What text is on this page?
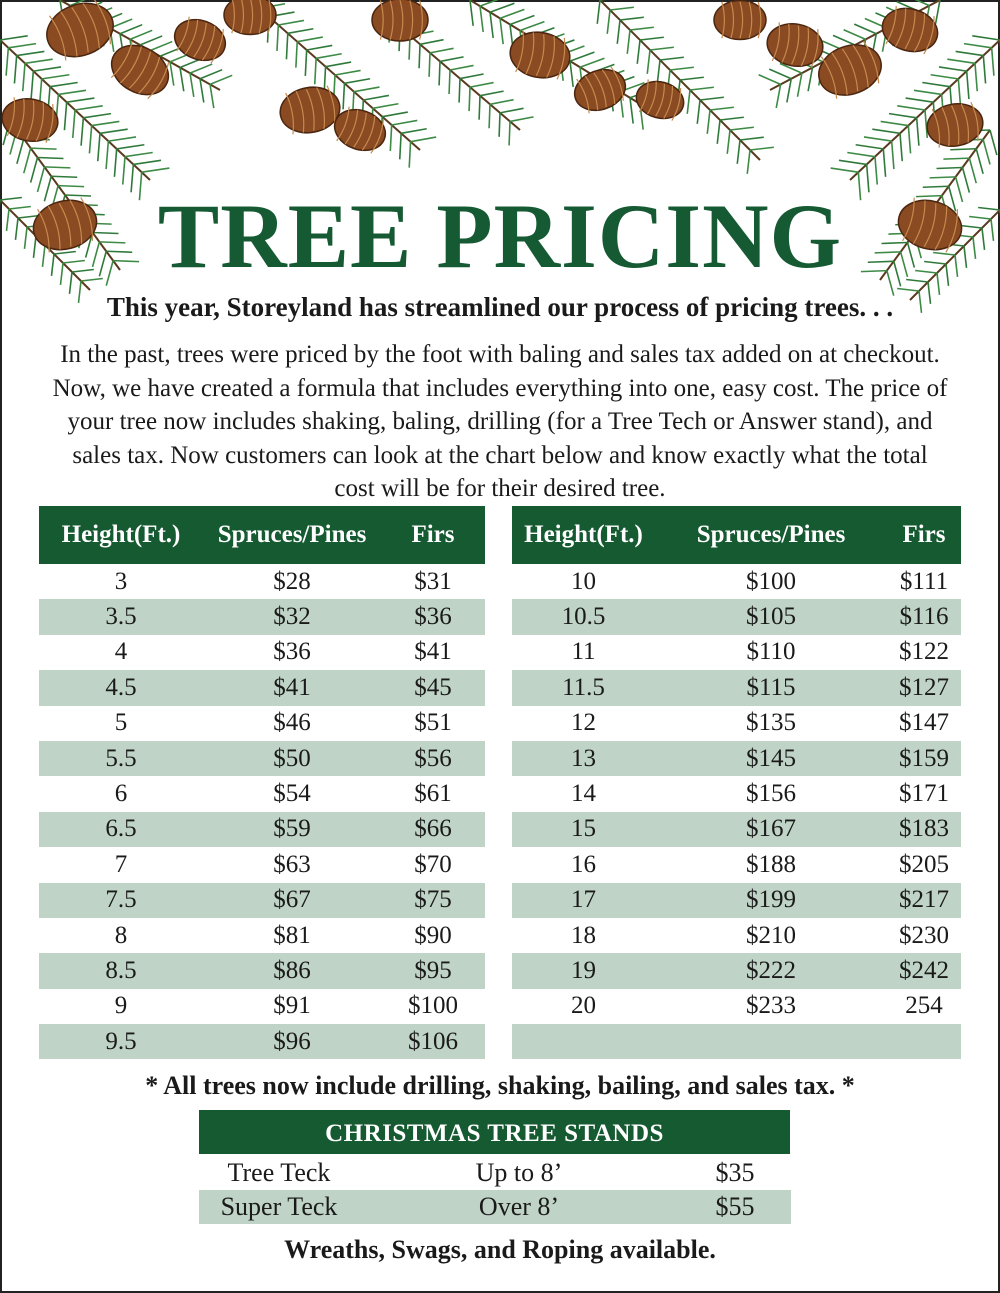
TREE PRICING
This year, Storeyland has streamlined our process of pricing trees. . .
In the past, trees were priced by the foot with baling and sales tax added on at checkout. Now, we have created a formula that includes everything into one, easy cost. The price of your tree now includes shaking, baling, drilling (for a Tree Tech or Answer stand), and sales tax. Now customers can look at the chart below and know exactly what the total cost will be for their desired tree.
Height(Ft.)	Spruces/Pines	Firs
3	$28	$31
3.5	$32	$36
4	$36	$41
4.5	$41	$45
5	$46	$51
5.5	$50	$56
6	$54	$61
6.5	$59	$66
7	$63	$70
7.5	$67	$75
8	$81	$90
8.5	$86	$95
9	$91	$100
9.5	$96	$106
Height(Ft.)	Spruces/Pines	Firs
10	$100	$111
10.5	$105	$116
11	$110	$122
11.5	$115	$127
12	$135	$147
13	$145	$159
14	$156	$171
15	$167	$183
16	$188	$205
17	$199	$217
18	$210	$230
19	$222	$242
20	$233	254

* All trees now include drilling, shaking, bailing, and sales tax. *
CHRISTMAS TREE STANDS
Tree Teck	Up to 8’	$35
Super Teck	Over 8’	$55
Wreaths, Swags, and Roping available.
